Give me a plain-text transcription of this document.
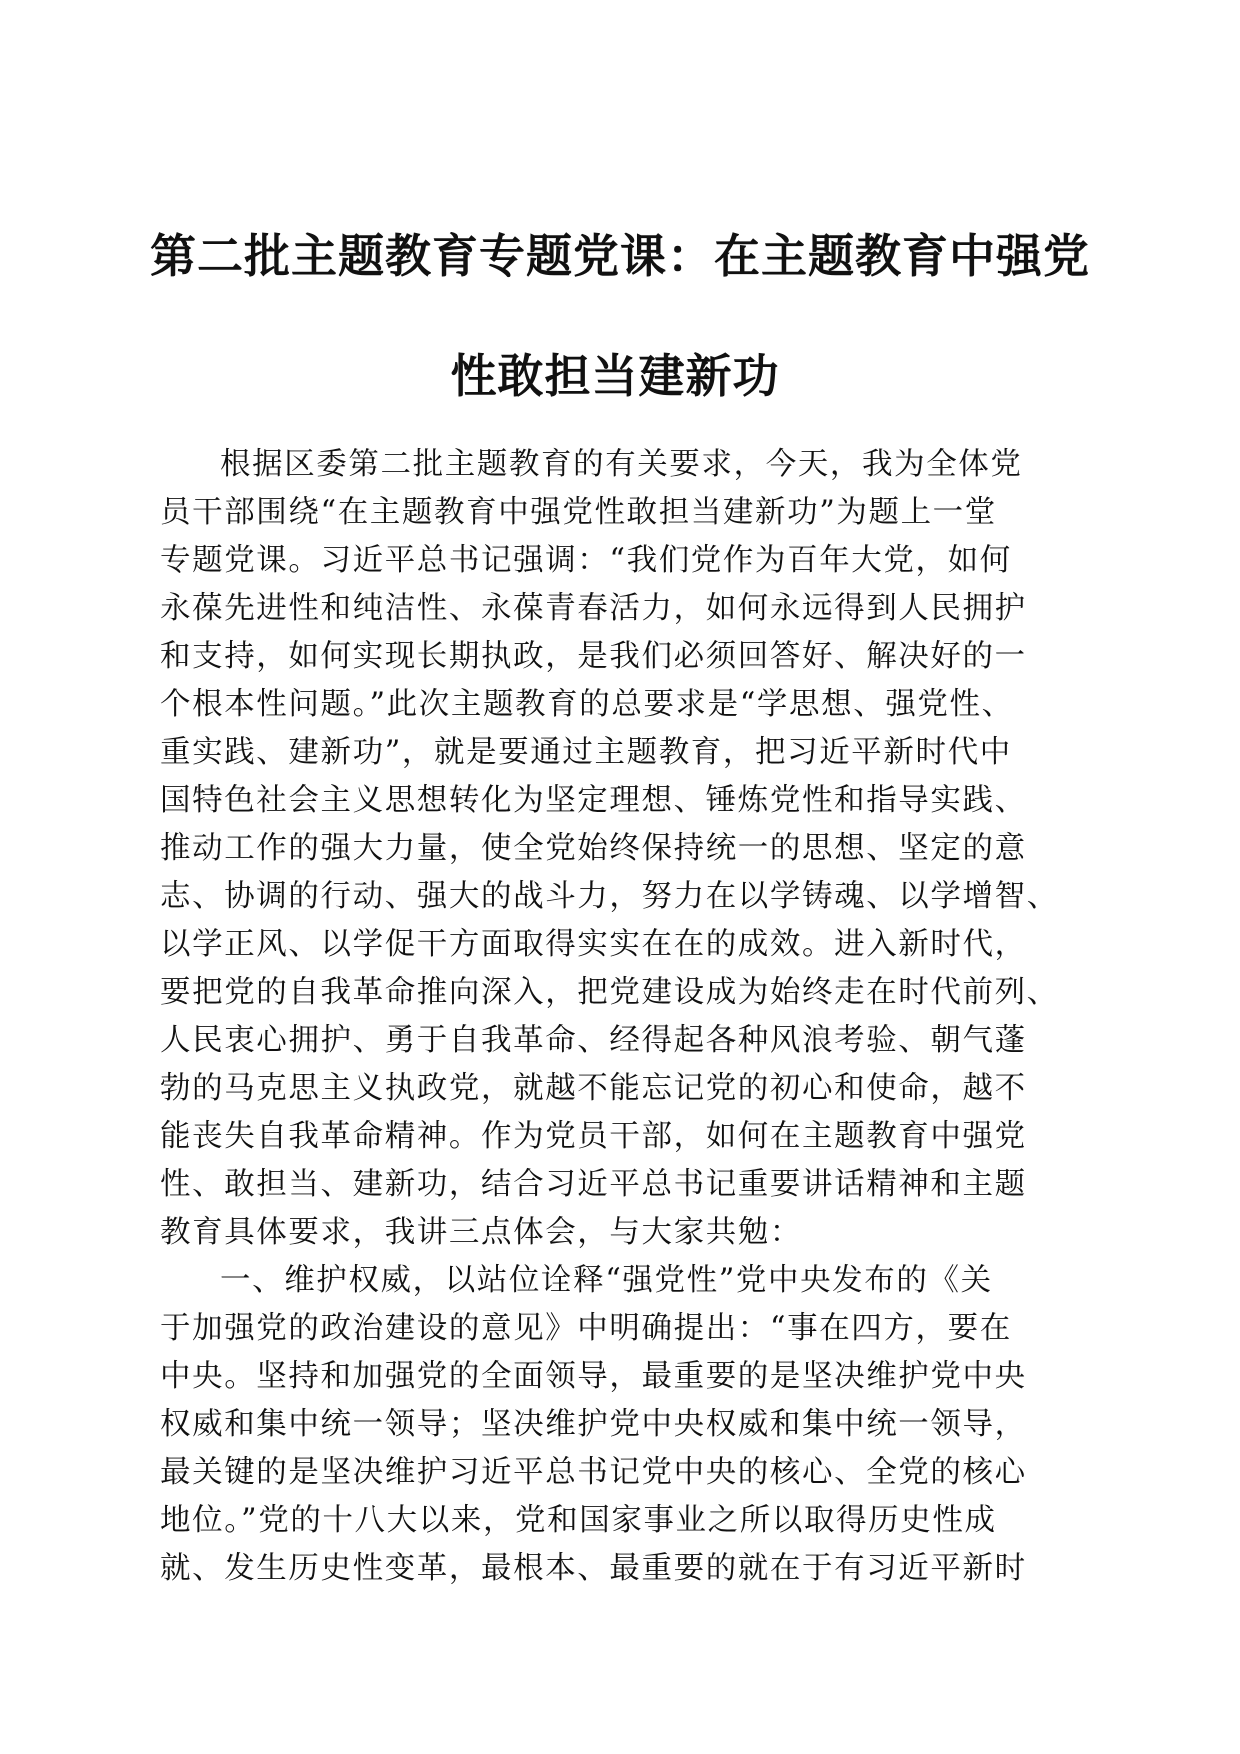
第二批主题教育专题党课：在主题教育中强党
性敢担当建新功
根据区委第二批主题教育的有关要求，今天，我为全体党
员干部围绕“在主题教育中强党性敢担当建新功”为题上一堂
专题党课。习近平总书记强调：“我们党作为百年大党，如何
永葆先进性和纯洁性、永葆青春活力，如何永远得到人民拥护
和支持，如何实现长期执政，是我们必须回答好、解决好的一
个根本性问题。”此次主题教育的总要求是“学思想、强党性、
重实践、建新功”，就是要通过主题教育，把习近平新时代中
国特色社会主义思想转化为坚定理想、锤炼党性和指导实践、
推动工作的强大力量，使全党始终保持统一的思想、坚定的意
志、协调的行动、强大的战斗力，努力在以学铸魂、以学增智、
以学正风、以学促干方面取得实实在在的成效。进入新时代，
要把党的自我革命推向深入，把党建设成为始终走在时代前列、
人民衷心拥护、勇于自我革命、经得起各种风浪考验、朝气蓬
勃的马克思主义执政党，就越不能忘记党的初心和使命，越不
能丧失自我革命精神。作为党员干部，如何在主题教育中强党
性、敢担当、建新功，结合习近平总书记重要讲话精神和主题
教育具体要求，我讲三点体会，与大家共勉：
一、维护权威，以站位诠释“强党性”党中央发布的《关
于加强党的政治建设的意见》中明确提出：“事在四方，要在
中央。坚持和加强党的全面领导，最重要的是坚决维护党中央
权威和集中统一领导；坚决维护党中央权威和集中统一领导，
最关键的是坚决维护习近平总书记党中央的核心、全党的核心
地位。”党的十八大以来，党和国家事业之所以取得历史性成
就、发生历史性变革，最根本、最重要的就在于有习近平新时
